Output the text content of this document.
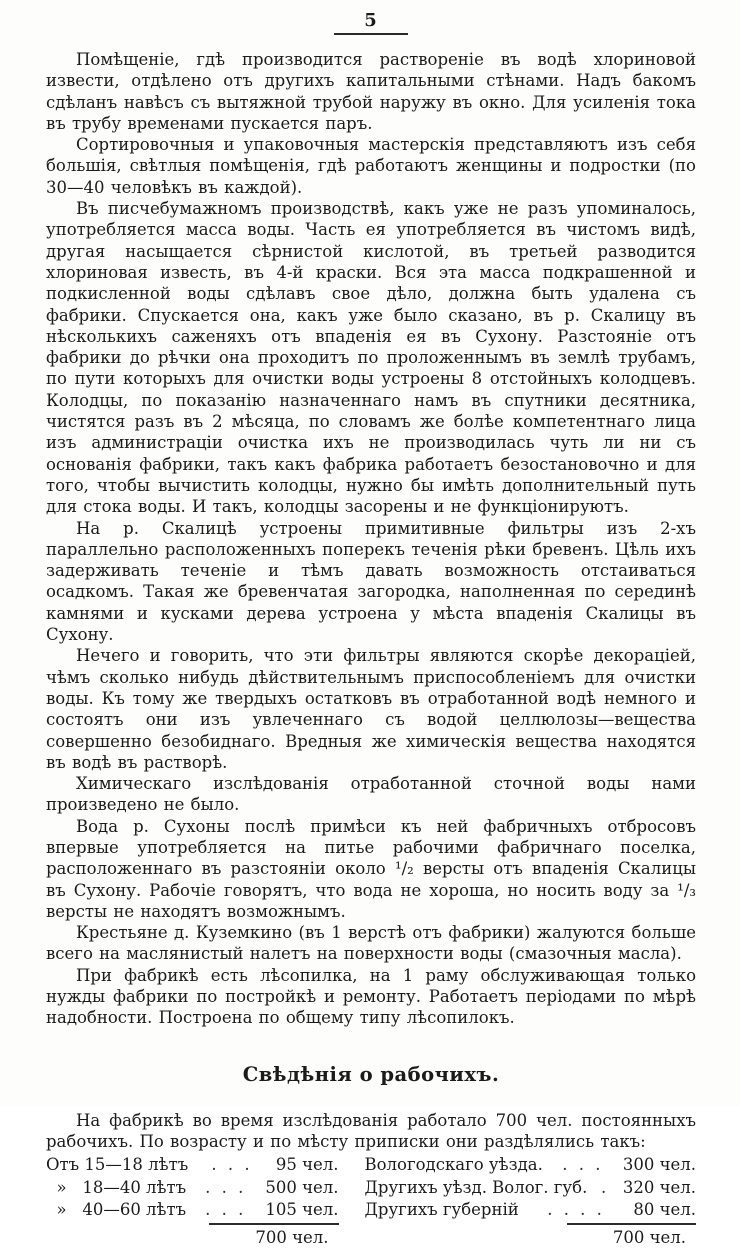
5

Помѣщеніе, гдѣ производится раствореніе въ водѣ хлориновой извести, отдѣлено отъ другихъ капитальными стѣнами. Надъ бакомъ сдѣланъ навѣсъ съ вытяжной трубой наружу въ окно. Для усиленія тока въ трубу временами пускается паръ.

Сортировочныя и упаковочныя мастерскія представляютъ изъ себя большія, свѣтлыя помѣщенія, гдѣ работаютъ женщины и подростки (по 30—40 человѣкъ въ каждой).

Въ писчебумажномъ производствѣ, какъ уже не разъ упоминалось, употребляется масса воды. Часть ея употребляется въ чистомъ видѣ, другая насыщается сѣрнистой кислотой, въ третьей разводится хлориновая известь, въ 4-й краски. Вся эта масса подкрашенной и подкисленной воды сдѣлавъ свое дѣло, должна быть удалена съ фабрики. Спускается она, какъ уже было сказано, въ р. Скалицу въ нѣсколькихъ саженяхъ отъ впаденія ея въ Сухону. Разстояніе отъ фабрики до рѣчки она проходитъ по проложеннымъ въ землѣ трубамъ, по пути которыхъ для очистки воды устроены 8 отстойныхъ колодцевъ. Колодцы, по показанію назначеннаго намъ въ спутники десятника, чистятся разъ въ 2 мѣсяца, по словамъ же болѣе компетентнаго лица изъ администраціи очистка ихъ не производилась чуть ли ни съ основанія фабрики, такъ какъ фабрика работаетъ безостановочно и для того, чтобы вычистить колодцы, нужно бы имѣть дополнительный путь для стока воды. И такъ, колодцы засорены и не функціонируютъ.

На р. Скалицѣ устроены примитивные фильтры изъ 2-хъ параллельно расположенныхъ поперекъ теченія рѣки бревенъ. Цѣль ихъ задерживать теченіе и тѣмъ давать возможность отстаиваться осадкомъ. Такая же бревенчатая загородка, наполненная по серединѣ камнями и кусками дерева устроена у мѣста впаденія Скалицы въ Сухону.

Нечего и говорить, что эти фильтры являются скорѣе декораціей, чѣмъ сколько нибудь дѣйствительнымъ приспособленіемъ для очистки воды. Къ тому же твердыхъ остатковъ въ отработанной водѣ немного и состоятъ они изъ увлеченнаго съ водой целлюлозы—вещества совершенно безобиднаго. Вредныя же химическія вещества находятся въ водѣ въ растворѣ.

Химическаго изслѣдованія отработанной сточной воды нами произведено не было.

Вода р. Сухоны послѣ примѣси къ ней фабричныхъ отбросовъ впервые употребляется на питье рабочими фабричнаго поселка, расположеннаго въ разстояніи около ¹/₂ версты отъ впаденія Скалицы въ Сухону. Рабочіе говорятъ, что вода не хороша, но носить воду за ¹/₃ версты не находятъ возможнымъ.

Крестьяне д. Куземкино (въ 1 верстѣ отъ фабрики) жалуются больше всего на маслянистый налетъ на поверхности воды (смазочныя масла).

При фабрикѣ есть лѣсопилка, на 1 раму обслуживающая только нужды фабрики по постройкѣ и ремонту. Работаетъ періодами по мѣрѣ надобности. Построена по общему типу лѣсопилокъ.

Свѣдѣнія о рабочихъ.

На фабрикѣ во время изслѣдованія работало 700 чел. постоянныхъ рабочихъ. По возрасту и по мѣсту приписки они раздѣлялись такъ:

Отъ 15—18 лѣтъ	. . .	95 чел.
»   18—40 лѣтъ	. . .	500 чел.
»   40—60 лѣтъ	. . .	105 чел.
700 чел.
Вологодскаго уѣзда.	. . .	300 чел.
Другихъ уѣзд. Волог. губ. . 320 чел.
Другихъ губерній	. . . .	80 чел.
700 чел.
